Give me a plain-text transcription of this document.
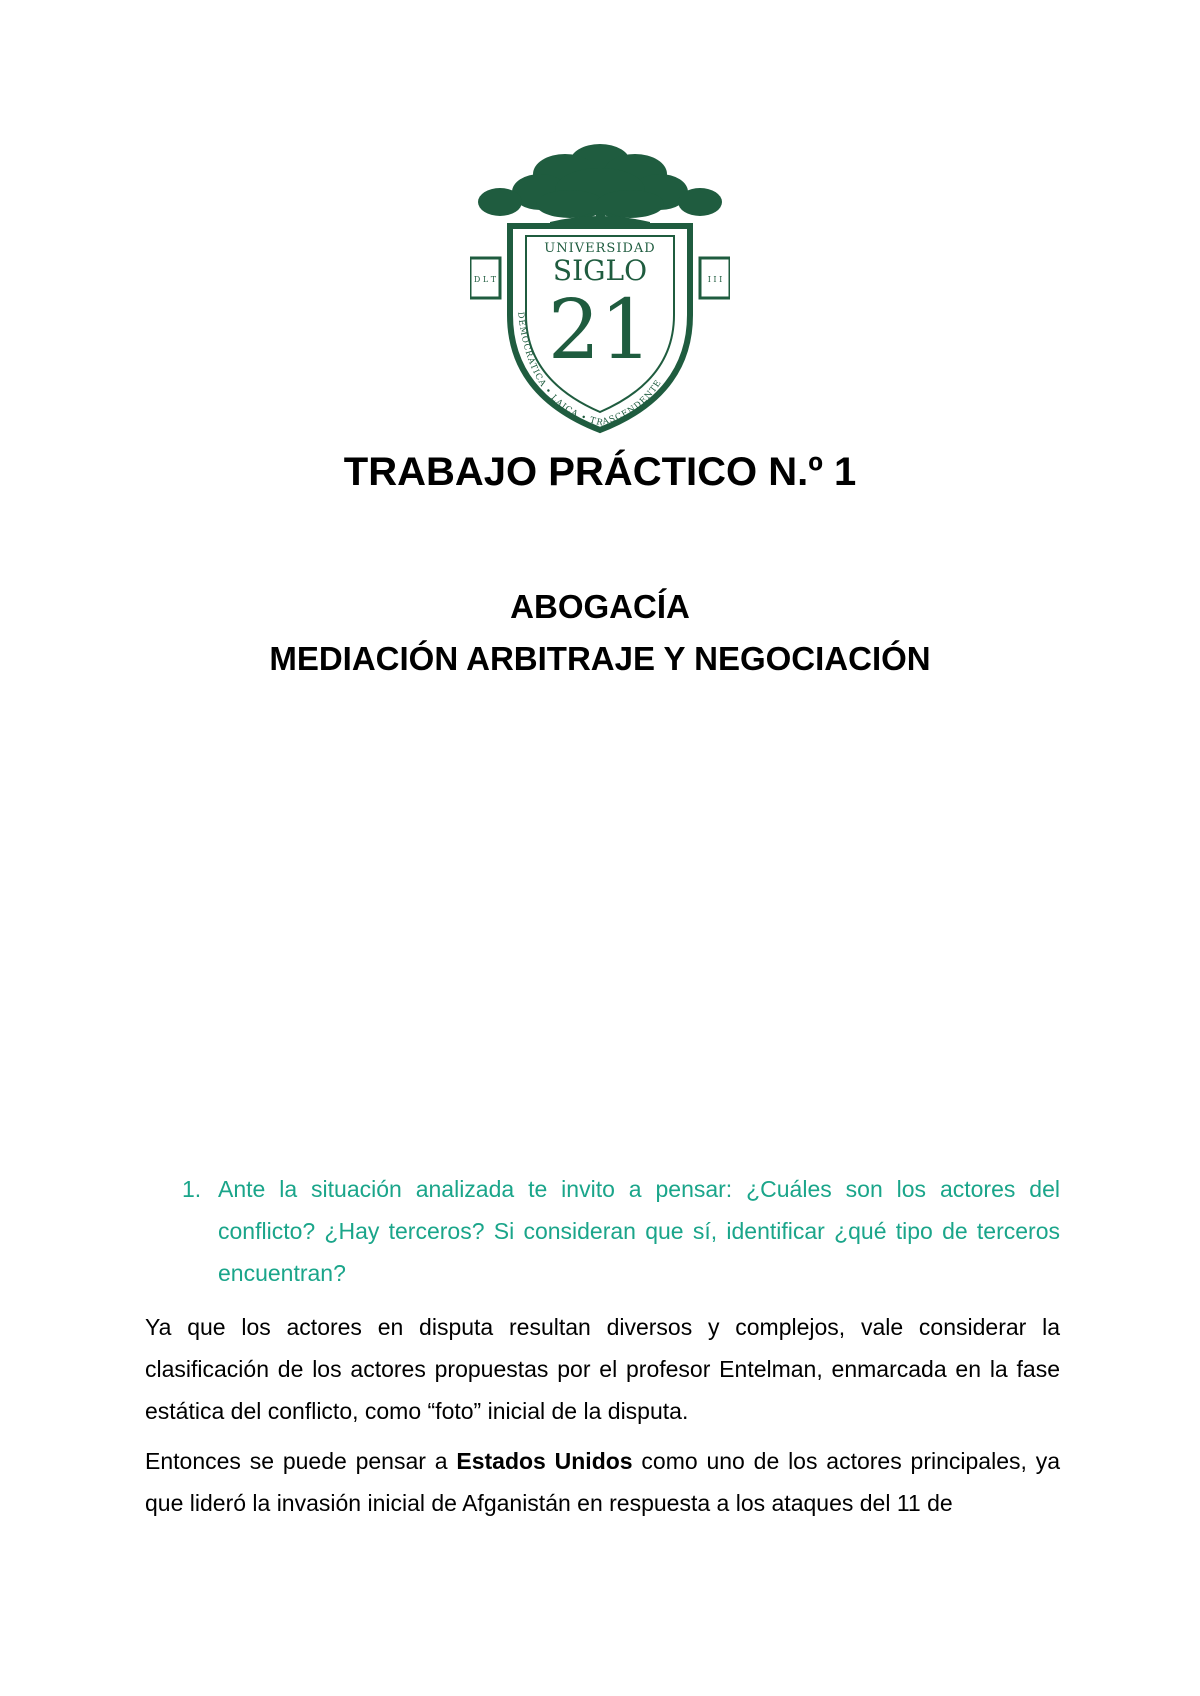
D L T	I I I
UNIVERSIDAD
SIGLO
21
DEMOCRÁTICA • LAICA • TRASCENDENTE
TRABAJO PRÁCTICO N.º 1
ABOGACÍA
MEDIACIÓN ARBITRAJE Y NEGOCIACIÓN
1. Ante la situación analizada te invito a pensar: ¿Cuáles son los actores del conflicto? ¿Hay terceros? Si consideran que sí, identificar ¿qué tipo de terceros encuentran?

Ya que los actores en disputa resultan diversos y complejos, vale considerar la clasificación de los actores propuestas por el profesor Entelman, enmarcada en la fase estática del conflicto, como “foto” inicial de la disputa.

Entonces se puede pensar a Estados Unidos como uno de los actores principales, ya que lideró la invasión inicial de Afganistán en respuesta a los ataques del 11 de
